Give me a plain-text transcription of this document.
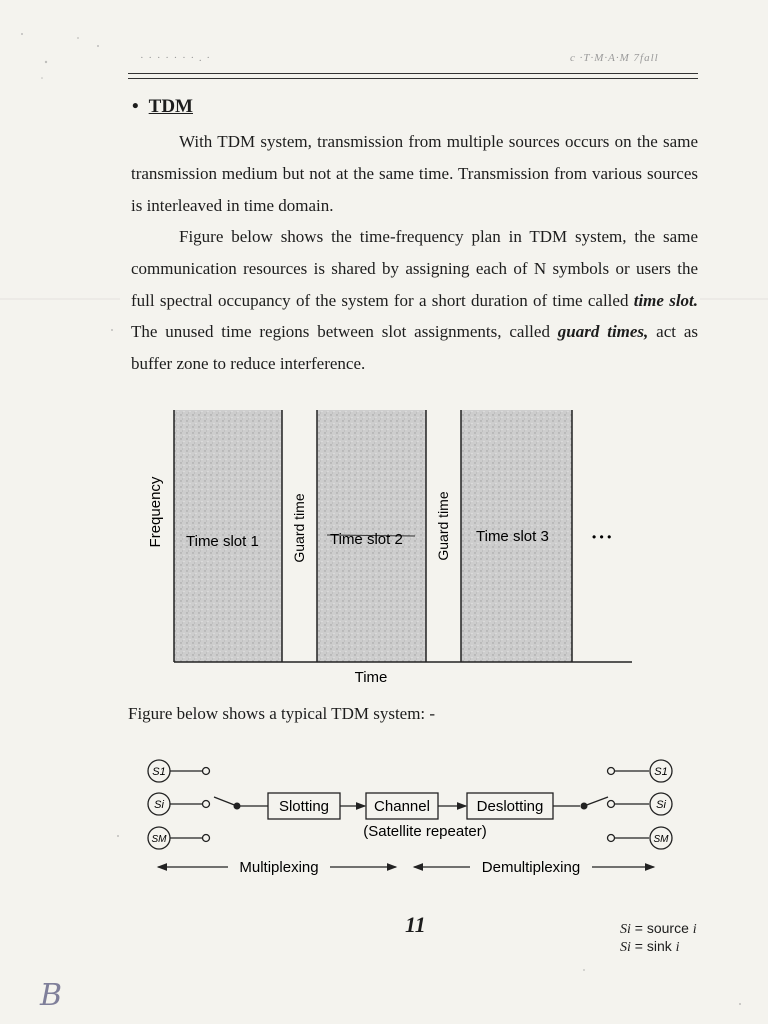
· · · · · · · . ·	c ·T·M·A·M 7fall
• TDM

With TDM system, transmission from multiple sources occurs on the same transmission medium but not at the same time. Transmission from various sources is interleaved in time domain.

Figure below shows the time-frequency plan in TDM system, the same communication resources is shared by assigning each of N symbols or users the full spectral occupancy of the system for a short duration of time called time slot. The unused time regions between slot assignments, called guard times, act as buffer zone to reduce interference.

Frequency
Time
Time slot 1	Time slot 2	Time slot 3
Guard time	Guard time	• • •
Figure below shows a typical TDM system: -
S1
Si
SM
S1
Si
SM
Slotting	Channel	Deslotting
(Satellite repeater)
Multiplexing	Demultiplexing
11	Si = source i
Si = sink i
B
